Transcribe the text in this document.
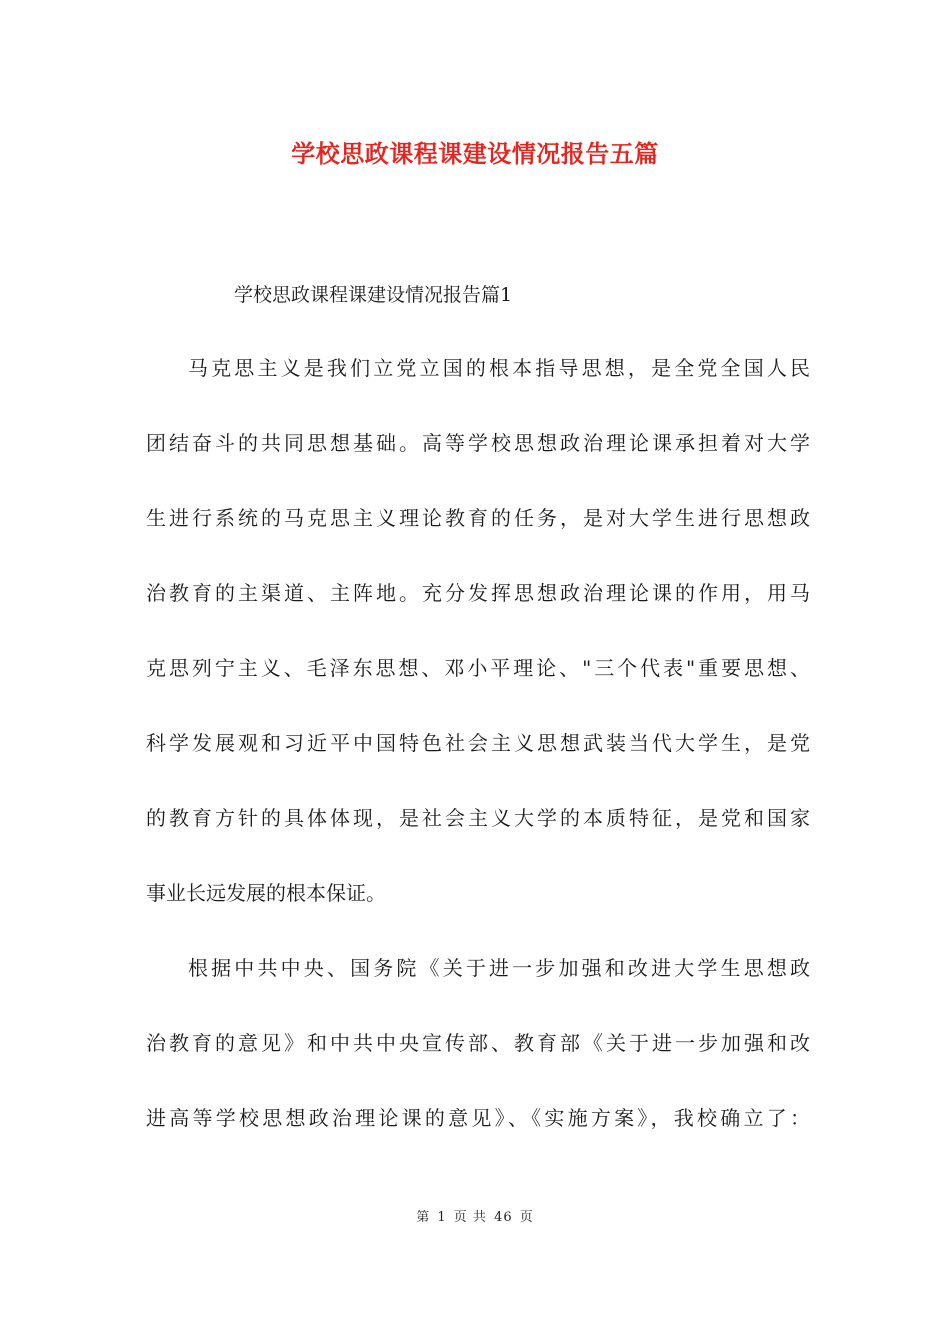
学校思政课程课建设情况报告五篇
学校思政课程课建设情况报告篇1
马克思主义是我们立党立国的根本指导思想，是全党全国人民
团结奋斗的共同思想基础。高等学校思想政治理论课承担着对大学
生进行系统的马克思主义理论教育的任务，是对大学生进行思想政
治教育的主渠道、主阵地。充分发挥思想政治理论课的作用，用马
克思列宁主义、毛泽东思想、邓小平理论、"三个代表"重要思想、
科学发展观和习近平中国特色社会主义思想武装当代大学生，是党
的教育方针的具体体现，是社会主义大学的本质特征，是党和国家
事业长远发展的根本保证。
根据中共中央、国务院《关于进一步加强和改进大学生思想政
治教育的意见》和中共中央宣传部、教育部《关于进一步加强和改
进高等学校思想政治理论课的意见》、《实施方案》，我校确立了：
第 1 页 共 46 页
